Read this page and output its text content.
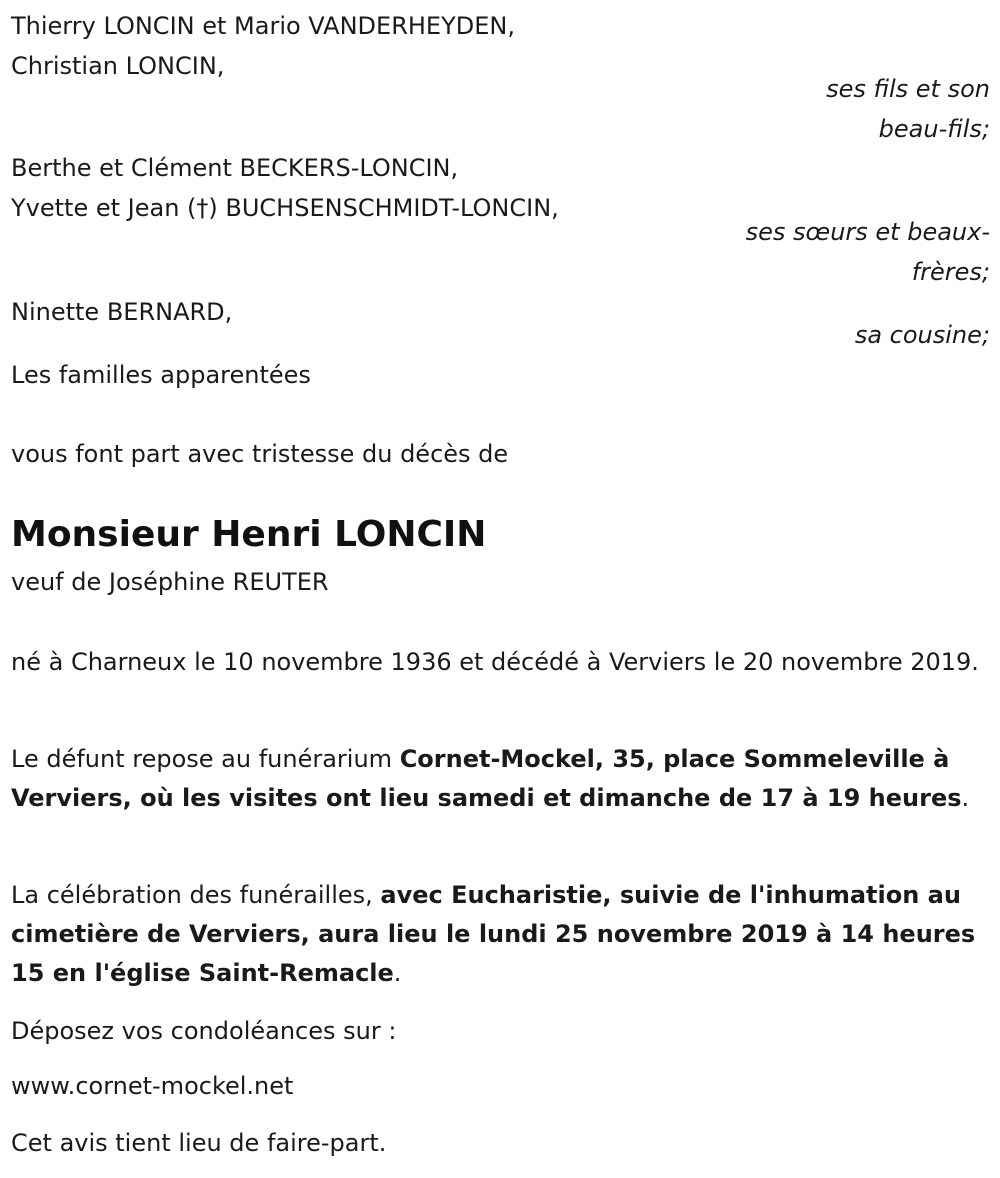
Thierry LONCIN et Mario VANDERHEYDEN,
Christian LONCIN,
ses fils et son
beau-fils;
Berthe et Clément BECKERS-LONCIN,
Yvette et Jean (†) BUCHSENSCHMIDT-LONCIN,
ses sœurs et beaux-
frères;
Ninette BERNARD,
sa cousine;
Les familles apparentées
vous font part avec tristesse du décès de
Monsieur Henri LONCIN
veuf de Joséphine REUTER
né à Charneux le 10 novembre 1936 et décédé à Verviers le 20 novembre 2019.
Le défunt repose au funérarium Cornet-Mockel, 35, place Sommeleville à Verviers, où les visites ont lieu samedi et dimanche de 17 à 19 heures.
La célébration des funérailles, avec Eucharistie, suivie de l'inhumation au cimetière de Verviers, aura lieu le lundi 25 novembre 2019 à 14 heures 15 en l'église Saint-Remacle.
Déposez vos condoléances sur :
www.cornet-mockel.net
Cet avis tient lieu de faire-part.
